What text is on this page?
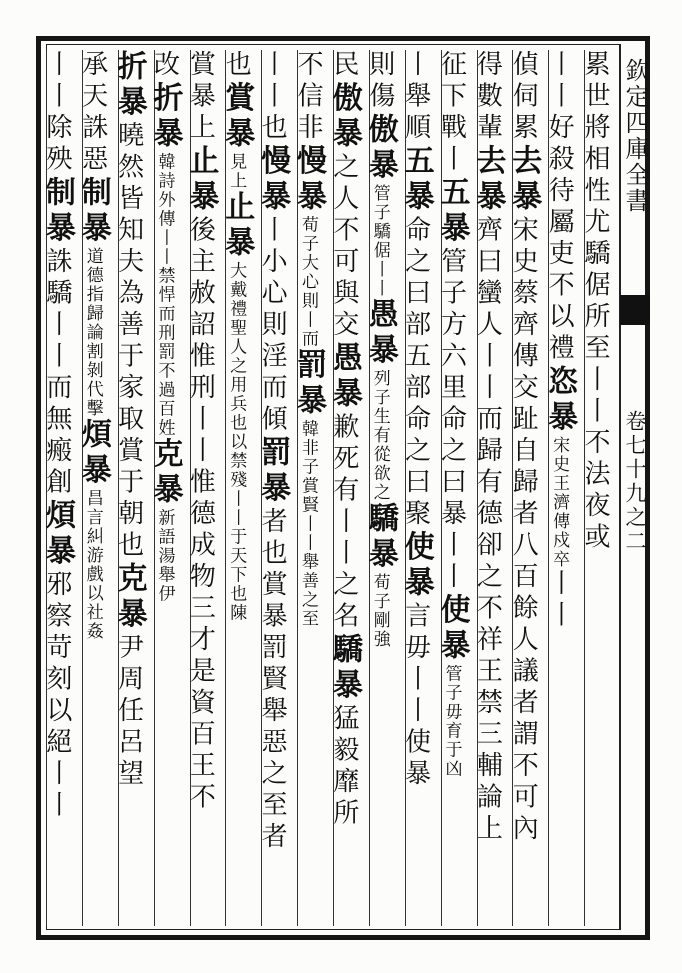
欽定四庫全書
卷七十九之二
累世將相性尤驕倨所至丨丨不法夜或
丨丨好殺待屬吏不以禮恣暴宋史王濟傳戍卒丨丨
偵伺累去暴宋史蔡齊傳交趾自歸者八百餘人議者謂不可內
得數輩去暴齊曰蠻人丨丨而歸有德卻之不祥王禁三輔論上
征下戰丨五暴管子方六里命之曰暴丨丨使暴管子毋育于凶
丨舉順五暴命之曰部五部命之曰聚使暴言毋丨丨使暴
則傷傲暴管子驕倨丨丨愚暴列子生有從欲之驕暴荀子剛強
民傲暴之人不可與交愚暴歉死有丨丨之名驕暴猛毅靡所
不信非慢暴荀子大心則丨而罰暴韓非子賞賢丨丨舉善之至
丨丨也慢暴丨小心則淫而傾罰暴者也賞暴罰賢舉惡之至者
也賞暴見上止暴大戴禮聖人之用兵也以禁殘丨丨于天下也陳
賞暴上止暴後主赦詔惟刑丨丨惟德成物三才是資百王不
改折暴韓詩外傳丨丨禁悍而刑罰不過百姓克暴新語湯舉伊
折暴曉然皆知夫為善于家取賞于朝也克暴尹周任呂望
承天誅惡制暴道德指歸論割剝代擊煩暴昌言糾游戲以社姦
丨丨除殃制暴誅驕丨丨而無瘢創煩暴邪察苛刻以絕丨丨
